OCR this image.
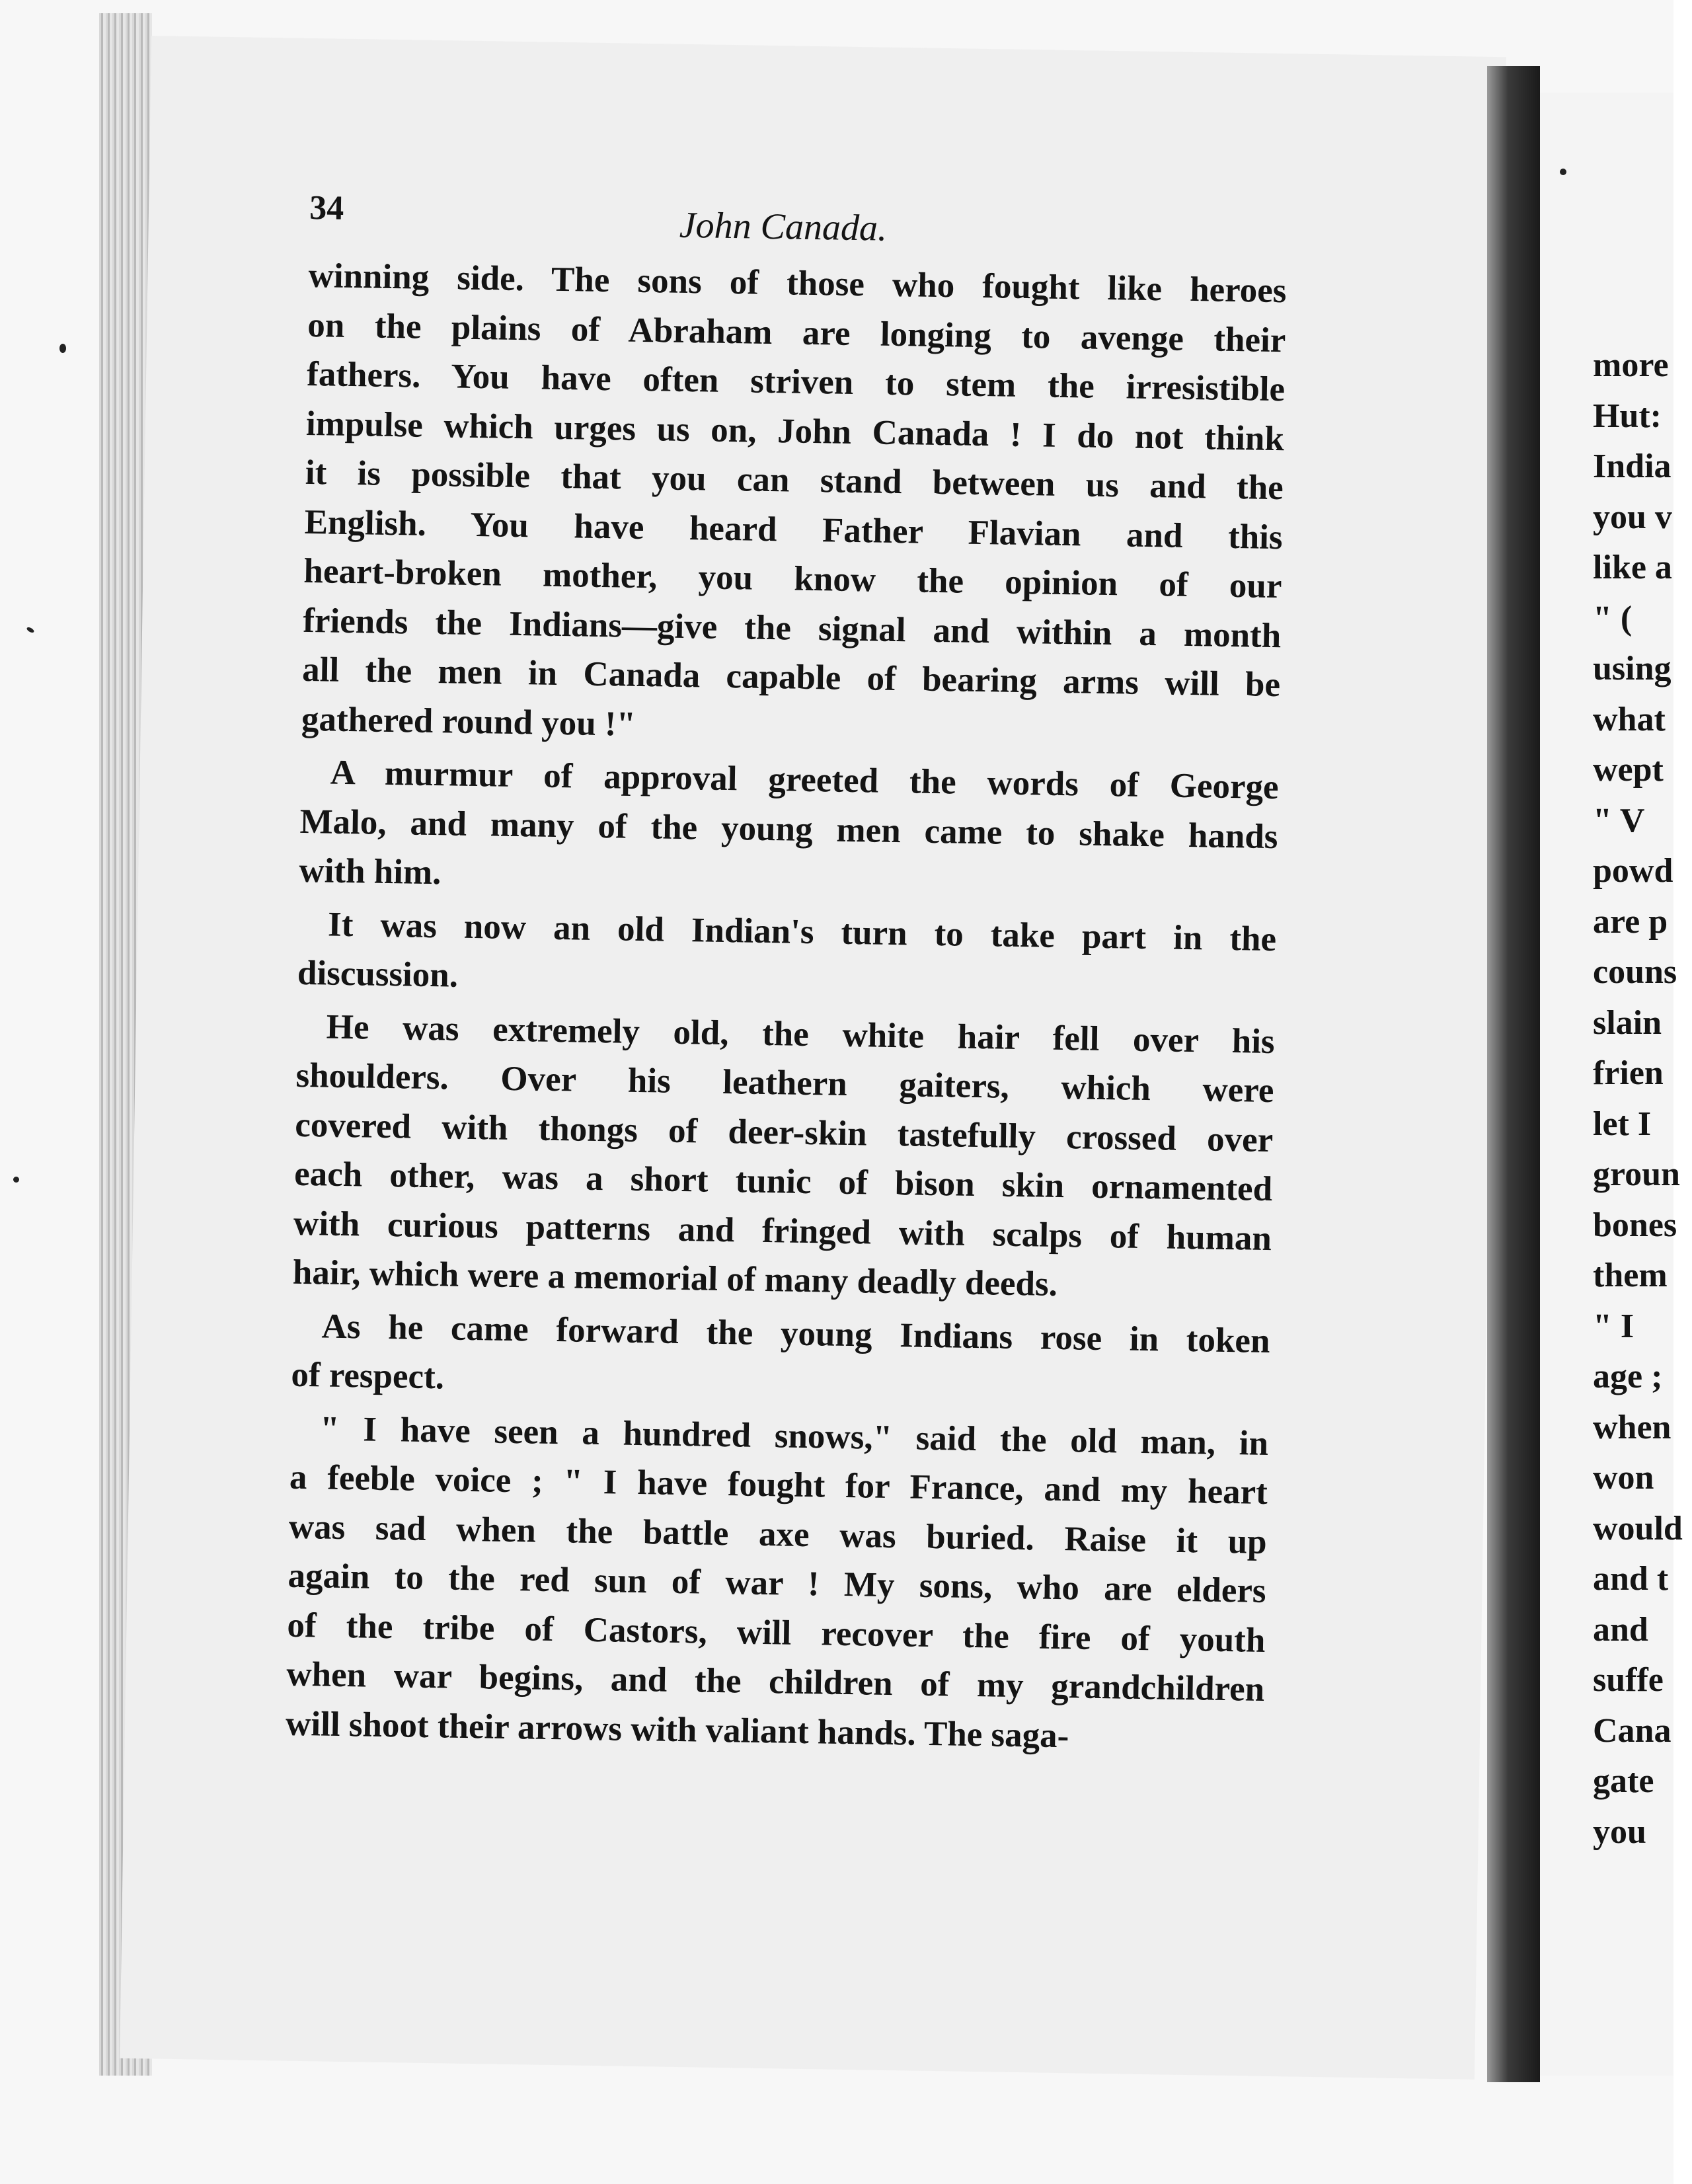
34	John Canada.

winning side. The sons of those who fought like heroes
on the plains of Abraham are longing to avenge their
fathers. You have often striven to stem the irresistible
impulse which urges us on, John Canada ! I do not think
it is possible that you can stand between us and the
English. You have heard Father Flavian and this
heart-broken mother, you know the opinion of our
friends the Indians—give the signal and within a month
all the men in Canada capable of bearing arms will be
gathered round you !"

A murmur of approval greeted the words of George
Malo, and many of the young men came to shake hands
with him.

It was now an old Indian's turn to take part in the
discussion.

He was extremely old, the white hair fell over his
shoulders. Over his leathern gaiters, which were
covered with thongs of deer-skin tastefully crossed over
each other, was a short tunic of bison skin ornamented
with curious patterns and fringed with scalps of human
hair, which were a memorial of many deadly deeds.

As he came forward the young Indians rose in token
of respect.

" I have seen a hundred snows," said the old man, in
a feeble voice ; " I have fought for France, and my heart
was sad when the battle axe was buried. Raise it up
again to the red sun of war ! My sons, who are elders
of the tribe of Castors, will recover the fire of youth
when war begins, and the children of my grandchildren
will shoot their arrows with valiant hands. The saga-

more
Hut:
India
you v
like a
" (
using
what
wept
" V
powd
are p
couns
slain
frien
let I
groun
bones
them
" I
age ;
when
won
would
and t
and
suffe
Cana
gate
you
